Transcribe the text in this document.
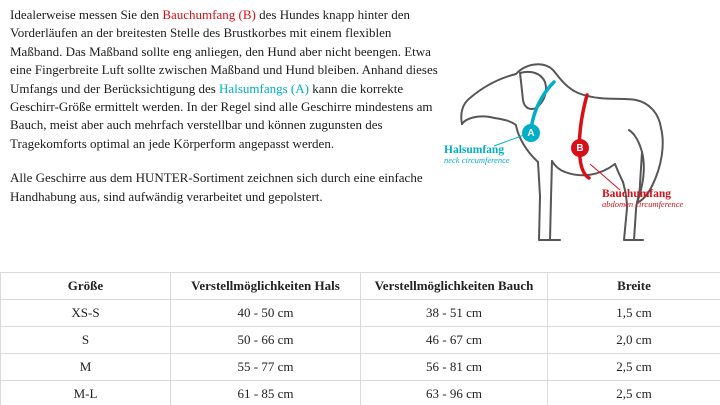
Idealerweise messen Sie den Bauchumfang (B) des Hundes knapp hinter den Vorderläufen an der breitesten Stelle des Brustkorbes mit einem flexiblen Maßband. Das Maßband sollte eng anliegen, den Hund aber nicht beengen. Etwa eine Fingerbreite Luft sollte zwischen Maßband und Hund bleiben. Anhand dieses Umfangs und der Berücksichtigung des Halsumfangs (A) kann die korrekte Geschirr-Größe ermittelt werden. In der Regel sind alle Geschirre mindestens am Bauch, meist aber auch mehrfach verstellbar und können zugunsten des Tragekomforts optimal an jede Körperform angepasst werden.

Alle Geschirre aus dem HUNTER-Sortiment zeichnen sich durch eine einfache Handhabung aus, sind aufwändig verarbeitet und gepolstert.

A
B
Halsumfang
neck circumference
Bauchumfang
abdomen circumference
Größe	Verstellmöglichkeiten Hals	Verstellmöglichkeiten Bauch	Breite
XS-S	40 - 50 cm	38 - 51 cm	1,5 cm
S	50 - 66 cm	46 - 67 cm	2,0 cm
M	55 - 77 cm	56 - 81 cm	2,5 cm
M-L	61 - 85 cm	63 - 96 cm	2,5 cm
